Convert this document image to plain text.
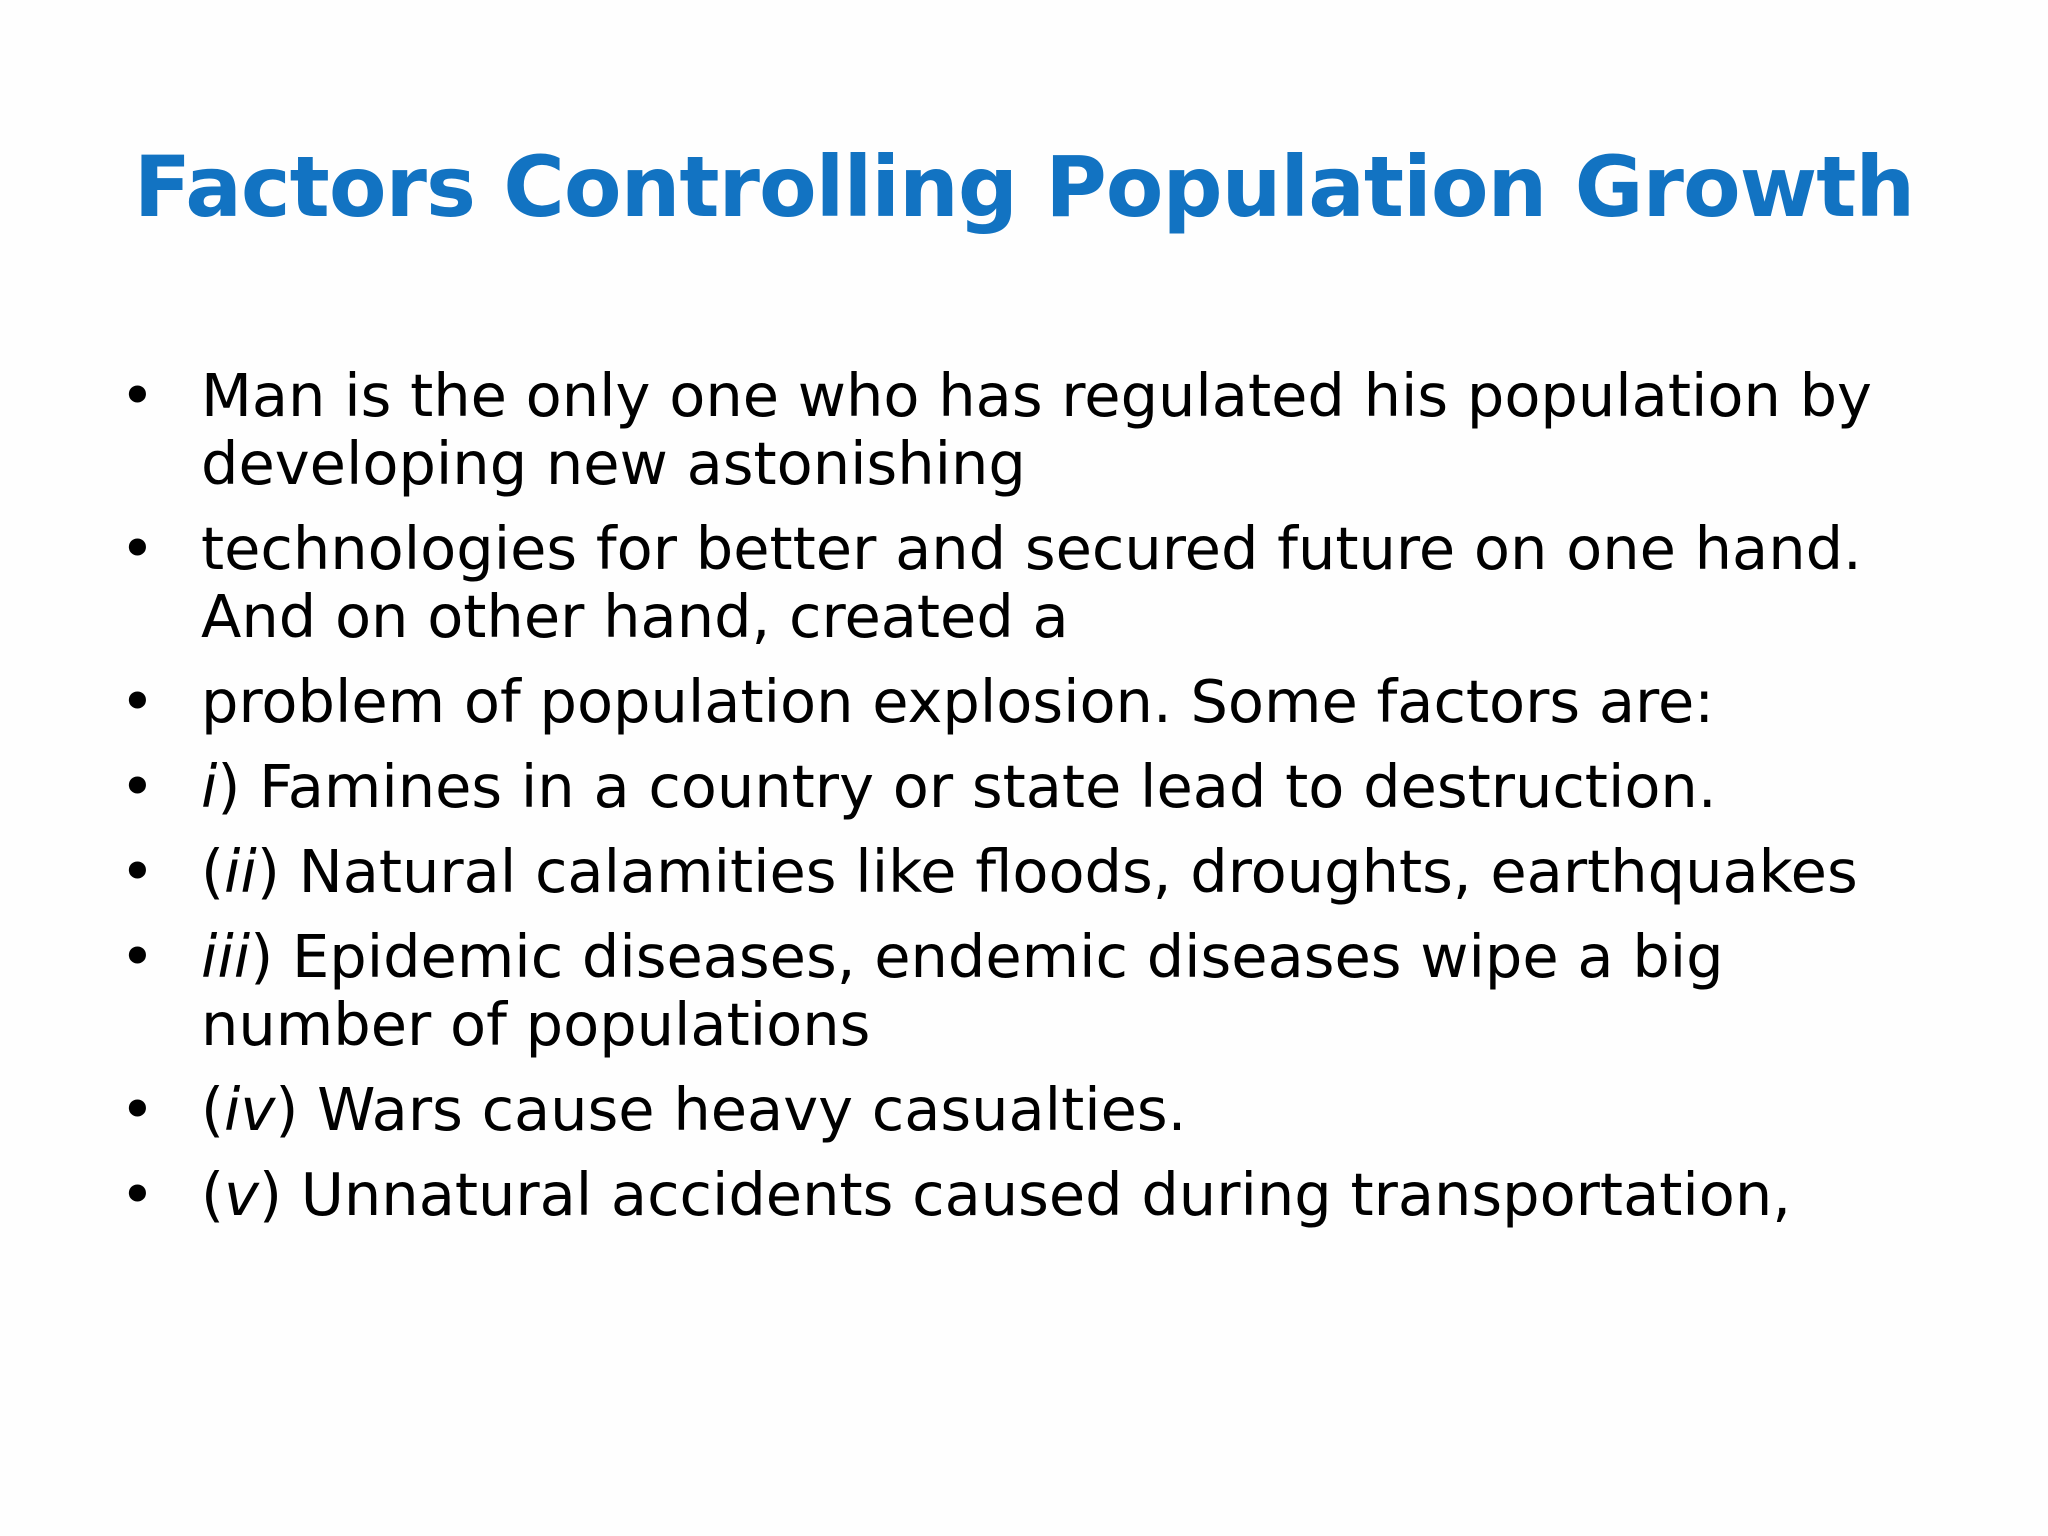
Factors Controlling Population Growth
• Man is the only one who has regulated his population by developing new astonishing
• technologies for better and secured future on one hand. And on other hand, created a
• problem of population explosion. Some factors are:
• i) Famines in a country or state lead to destruction.
• (ii) Natural calamities like floods, droughts, earthquakes
• iii) Epidemic diseases, endemic diseases wipe a big number of populations
• (iv) Wars cause heavy casualties.
• (v) Unnatural accidents caused during transportation,
